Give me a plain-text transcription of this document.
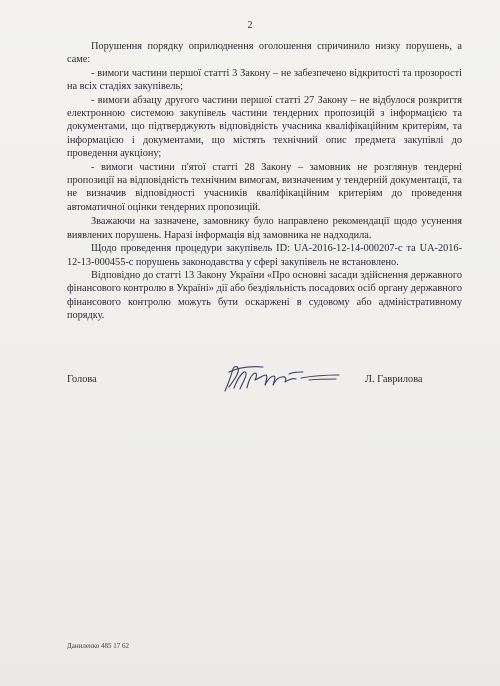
2

Порушення порядку оприлюднення оголошення спричинило низку порушень, а саме:

- вимоги частини першої статті 3 Закону – не забезпечено відкритості та прозорості на всіх стадіях закупівель;

- вимоги абзацу другого частини першої статті 27 Закону – не відбулося розкриття електронною системою закупівель частини тендерних пропозицій з інформацією та документами, що підтверджують відповідність учасника кваліфікаційним критеріям, та інформацією і документами, що містять технічний опис предмета закупівлі до проведення аукціону;

- вимоги частини п'ятої статті 28 Закону – замовник не розглянув тендерні пропозиції на відповідність технічним вимогам, визначеним у тендерній документації, та не визначив відповідності учасників кваліфікаційним критеріям до проведення автоматичної оцінки тендерних пропозицій.

Зважаючи на зазначене, замовнику було направлено рекомендації щодо усунення виявлених порушень. Наразі інформація від замовника не надходила.

Щодо проведення процедури закупівель ID: UA-2016-12-14-000207-c та UA-2016-12-13-000455-c порушень законодавства у сфері закупівель не встановлено.

Відповідно до статті 13 Закону України «Про основні засади здійснення державного фінансового контролю в Україні» дії або бездіяльність посадових осіб органу державного фінансового контролю можуть бути оскаржені в судовому або адміністративному порядку.

Голова	Л. Гаврилова
Даниленко 485 17 62
